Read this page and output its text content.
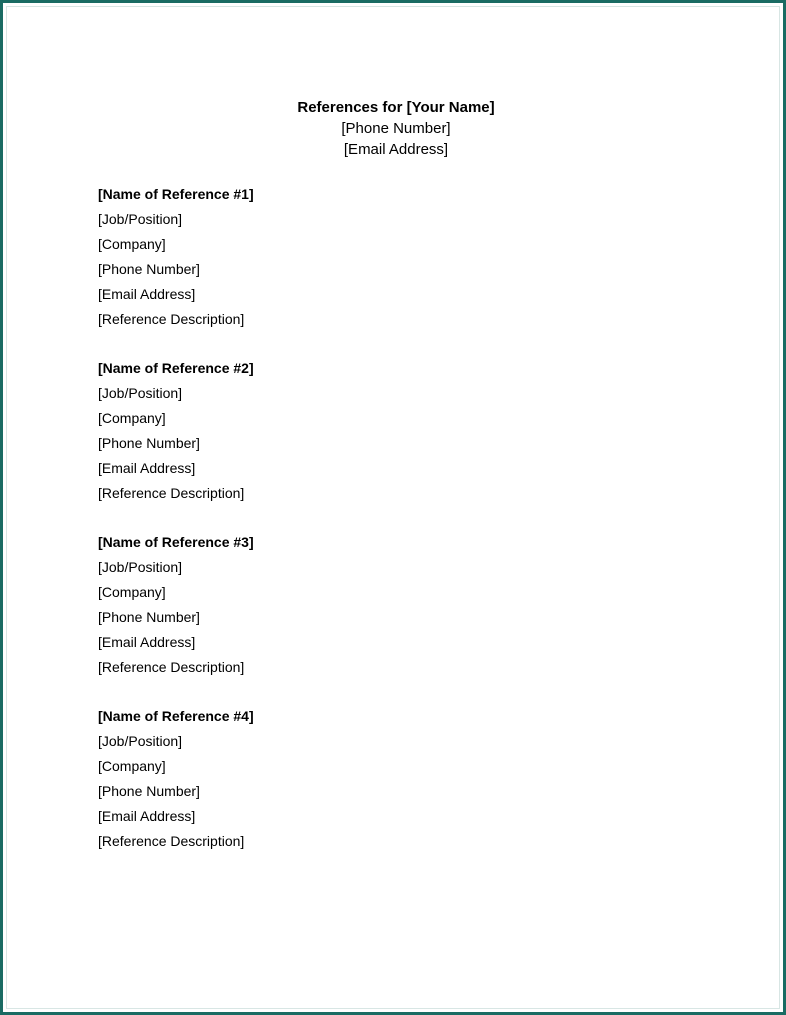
References for [Your Name]
[Phone Number]
[Email Address]
[Name of Reference #1]
[Job/Position]
[Company]
[Phone Number]
[Email Address]
[Reference Description]
[Name of Reference #2]
[Job/Position]
[Company]
[Phone Number]
[Email Address]
[Reference Description]
[Name of Reference #3]
[Job/Position]
[Company]
[Phone Number]
[Email Address]
[Reference Description]
[Name of Reference #4]
[Job/Position]
[Company]
[Phone Number]
[Email Address]
[Reference Description]
